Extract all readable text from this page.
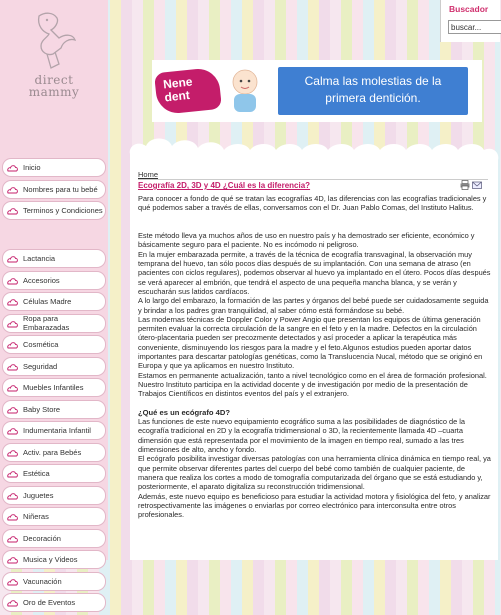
direct
mammy
Buscador
buscar...
Nene
dent
Calma las molestias de la
primera dentición.
Inicio
Nombres para tu bebé
Terminos y Condiciones
Lactancia
Accesorios
Células Madre
Ropa para Embarazadas
Cosmética
Seguridad
Muebles Infantiles
Baby Store
Indumentaria Infantil
Activ. para Bebés
Estética
Juguetes
Niñeras
Decoración
Musica y Videos
Vacunación
Oro de Eventos
Home
Ecografía 2D, 3D y 4D ¿Cuál es la diferencia?

Para conocer a fondo de qué se tratan las ecografías 4D, las diferencias con las ecografías tradicionales y qué podemos saber a través de ellas, conversamos con el Dr. Juan Pablo Comas, del Instituto Halitus.

Este método lleva ya muchos años de uso en nuestro país y ha demostrado ser eficiente, económico y básicamente seguro para el paciente. No es incómodo ni peligroso.

En la mujer embarazada permite, a través de la técnica de ecografía transvaginal, la observación muy temprana del huevo, tan sólo pocos días después de su implantación. Con una semana de atraso (en pacientes con ciclos regulares), podemos observar al huevo ya implantado en el útero. Pocos días después se verá aparecer al embrión, que tendrá el aspecto de una pequeña mancha blanca, y se verán y escucharán sus latidos cardíacos.

A lo largo del embarazo, la formación de las partes y órganos del bebé puede ser cuidadosamente seguida y brindar a los padres gran tranquilidad, al saber cómo está formándose su bebé.

Las modernas técnicas de Doppler Color y Power Angio que presentan los equipos de última generación permiten evaluar la correcta circulación de la sangre en el feto y en la madre. Defectos en la circulación útero-placentaria pueden ser precozmente detectados y así proceder a aplicar la terapéutica más conveniente, disminuyendo los riesgos para la madre y el feto.Algunos estudios pueden aportar datos importantes para descartar patologías genéticas, como la Translucencia Nucal, método que se originó en Europa y que ya aplicamos en nuestro Instituto.

Estamos en permanente actualización, tanto a nivel tecnológico como en el área de formación profesional. Nuestro Instituto participa en la actividad docente y de investigación por medio de la presentación de Trabajos Científicos en distintos eventos del país y el extranjero.

¿Qué es un ecógrafo 4D?

Las funciones de este nuevo equipamiento ecográfico suma a las posibilidades de diagnóstico de la ecografía tradicional en 2D y la ecografía tridimensional o 3D, la recientemente llamada 4D –cuarta dimensión que está representada por el movimiento de la imagen en tiempo real, sumado a las tres dimensiones de alto, ancho y fondo.

El ecógrafo posibilita investigar diversas patologías con una herramienta clínica dinámica en tiempo real, ya que permite observar diferentes partes del cuerpo del bebé como también de cualquier paciente, de manera que realiza los cortes a modo de tomografía computarizada del órgano que se está estudiando y, posteriormente, el aparato digitaliza su reconstrucción tridimensional.

Además, este nuevo equipo es beneficioso para estudiar la actividad motora y fisiológica del feto, y analizar retrospectivamente las imágenes o enviarlas por correo electrónico para interconsulta entre otros profesionales.
